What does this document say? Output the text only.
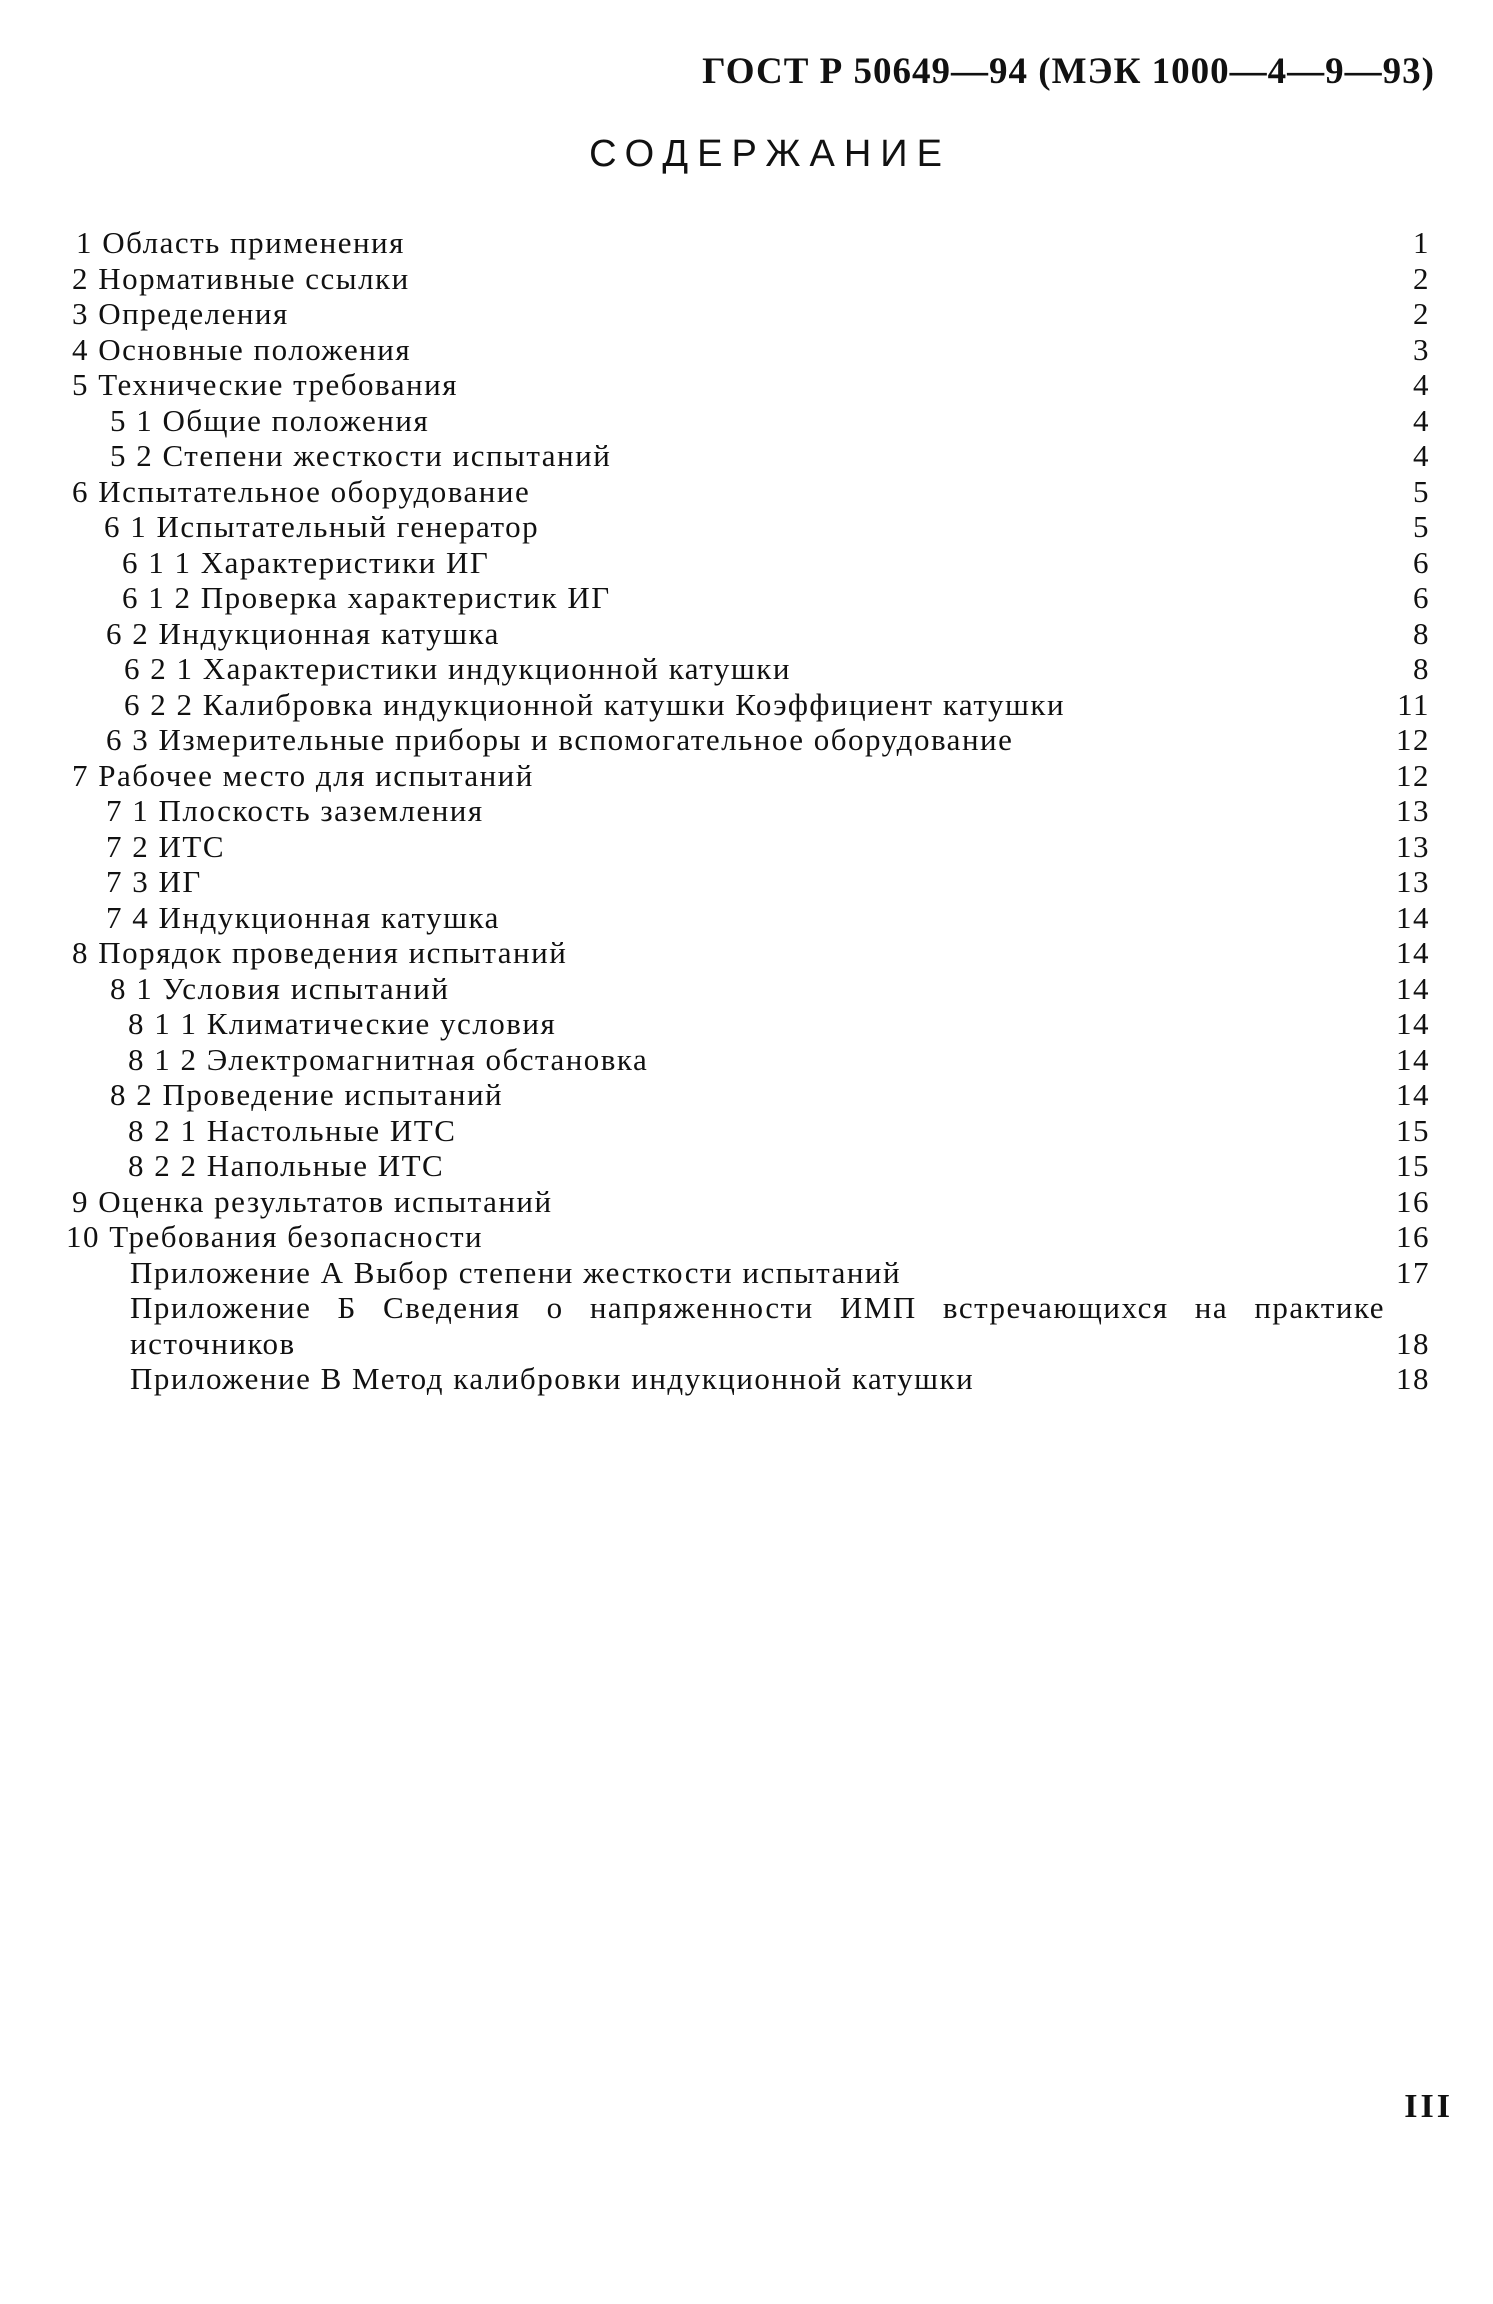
ГОСТ Р 50649—94 (МЭК 1000—4—9—93)
СОДЕРЖАНИЕ
1 Область применения	1
2 Нормативные ссылки	2
3 Определения	2
4 Основные положения	3
5 Технические требования	4
5 1 Общие положения	4
5 2 Степени жесткости испытаний	4
6 Испытательное оборудование	5
6 1 Испытательный генератор	5
6 1 1 Характеристики ИГ	6
6 1 2 Проверка характеристик ИГ	6
6 2 Индукционная катушка	8
6 2 1 Характеристики индукционной катушки	8
6 2 2 Калибровка индукционной катушки Коэффициент катушки	11
6 3 Измерительные приборы и вспомогательное оборудование	12
7 Рабочее место для испытаний	12
7 1 Плоскость заземления	13
7 2 ИТС	13
7 3 ИГ	13
7 4 Индукционная катушка	14
8 Порядок проведения испытаний	14
8 1 Условия испытаний	14
8 1 1 Климатические условия	14
8 1 2 Электромагнитная обстановка	14
8 2 Проведение испытаний	14
8 2 1 Настольные ИТС	15
8 2 2 Напольные ИТС	15
9 Оценка результатов испытаний	16
10 Требования безопасности	16
Приложение А Выбор степени жесткости испытаний	17
Приложение Б Сведения о напряженности ИМП встречающихся на практике источников	18
Приложение В Метод калибровки индукционной катушки	18
III
